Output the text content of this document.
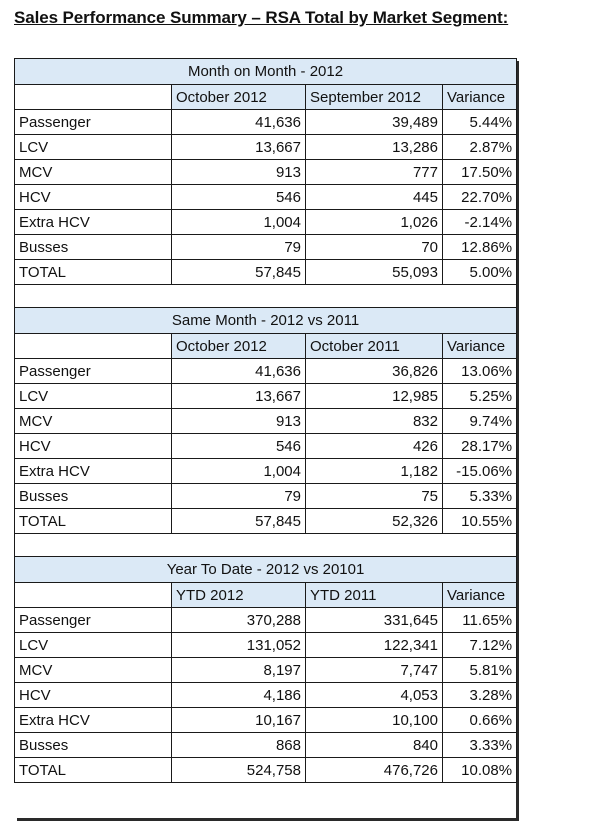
Sales Performance Summary – RSA Total by Market Segment:
Month on Month - 2012			
	October 2012	September 2012	Variance
Passenger	41,636	39,489	5.44%
LCV	13,667	13,286	2.87%
MCV	913	777	17.50%
HCV	546	445	22.70%
Extra HCV	1,004	1,026	-2.14%
Busses	79	70	12.86%
TOTAL	57,845	55,093	5.00%

Same Month - 2012 vs 2011			
	October 2012	October 2011	Variance
Passenger	41,636	36,826	13.06%
LCV	13,667	12,985	5.25%
MCV	913	832	9.74%
HCV	546	426	28.17%
Extra HCV	1,004	1,182	-15.06%
Busses	79	75	5.33%
TOTAL	57,845	52,326	10.55%

Year To Date - 2012 vs 20101			
	YTD 2012	YTD 2011	Variance
Passenger	370,288	331,645	11.65%
LCV	131,052	122,341	7.12%
MCV	8,197	7,747	5.81%
HCV	4,186	4,053	3.28%
Extra HCV	10,167	10,100	0.66%
Busses	868	840	3.33%
TOTAL	524,758	476,726	10.08%
